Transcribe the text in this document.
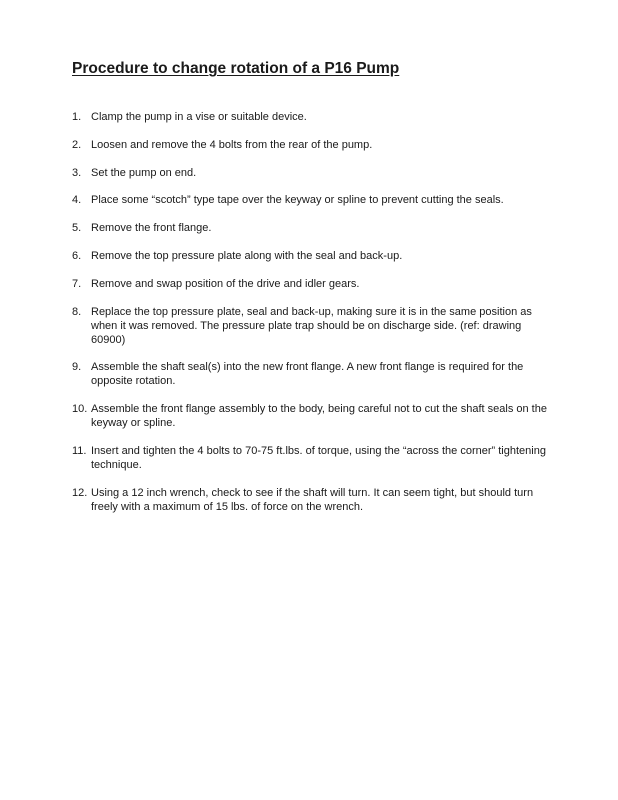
Procedure to change rotation of a P16 Pump
1. Clamp the pump in a vise or suitable device.
2. Loosen and remove the 4 bolts from the rear of the pump.
3. Set the pump on end.
4. Place some “scotch” type tape over the keyway or spline to prevent cutting the seals.
5. Remove the front flange.
6. Remove the top pressure plate along with the seal and back-up.
7. Remove and swap position of the drive and idler gears.
8. Replace the top pressure plate, seal and back-up, making sure it is in the same position as when it was removed. The pressure plate trap should be on discharge side. (ref: drawing 60900)
9. Assemble the shaft seal(s) into the new front flange. A new front flange is required for the opposite rotation.
10. Assemble the front flange assembly to the body, being careful not to cut the shaft seals on the keyway or spline.
11. Insert and tighten the 4 bolts to 70-75 ft.lbs. of torque, using the “across the corner” tightening technique.
12. Using a 12 inch wrench, check to see if the shaft will turn. It can seem tight, but should turn freely with a maximum of 15 lbs. of force on the wrench.
